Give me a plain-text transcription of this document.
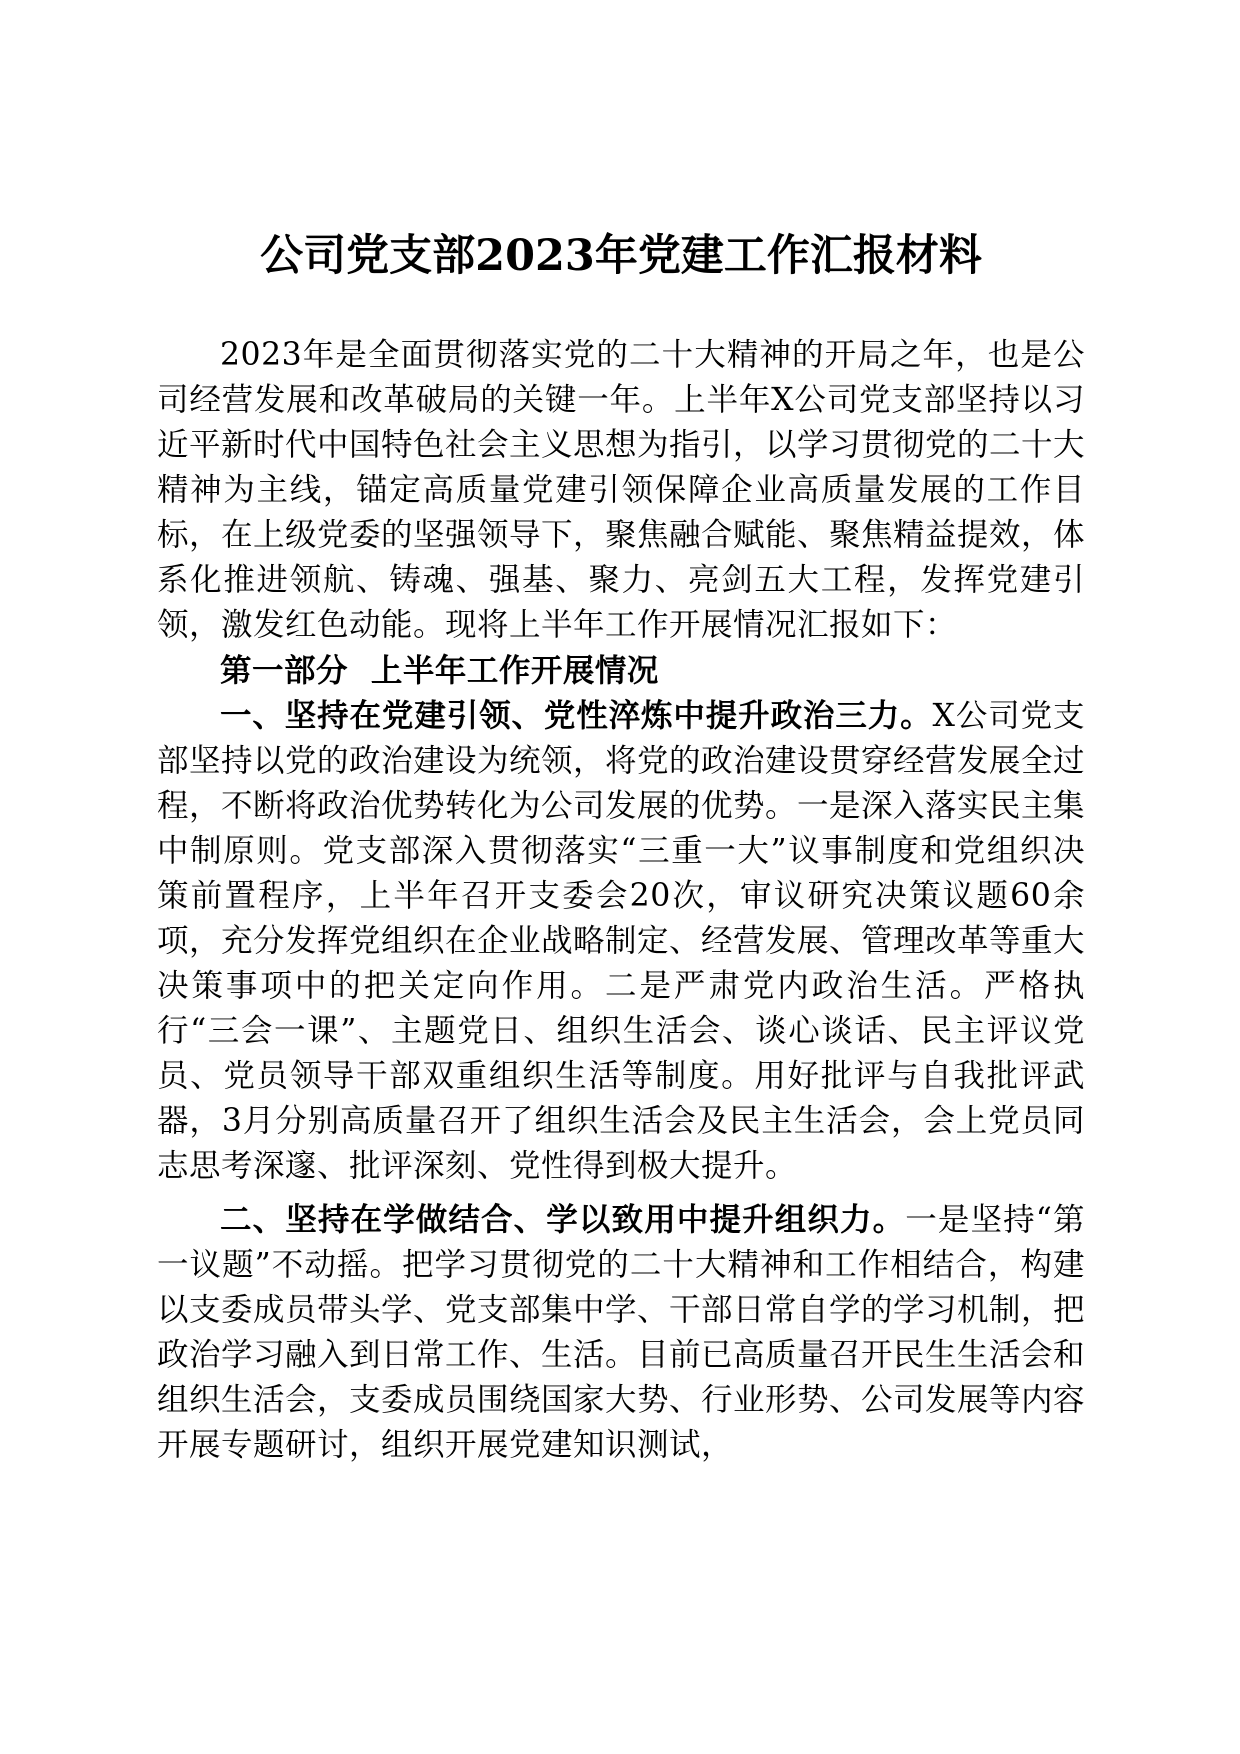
公司党支部2023年党建工作汇报材料

2023年是全面贯彻落实党的二十大精神的开局之年，也是公司经营发展和改革破局的关键一年。上半年X公司党支部坚持以习近平新时代中国特色社会主义思想为指引，以学习贯彻党的二十大精神为主线，锚定高质量党建引领保障企业高质量发展的工作目标，在上级党委的坚强领导下，聚焦融合赋能、聚焦精益提效，体系化推进领航、铸魂、强基、聚力、亮剑五大工程，发挥党建引领，激发红色动能。现将上半年工作开展情况汇报如下：

第一部分  上半年工作开展情况

一、坚持在党建引领、党性淬炼中提升政治三力。X公司党支部坚持以党的政治建设为统领，将党的政治建设贯穿经营发展全过程，不断将政治优势转化为公司发展的优势。一是深入落实民主集中制原则。党支部深入贯彻落实“三重一大”议事制度和党组织决策前置程序，上半年召开支委会20次，审议研究决策议题60余项，充分发挥党组织在企业战略制定、经营发展、管理改革等重大决策事项中的把关定向作用。二是严肃党内政治生活。严格执行“三会一课”、主题党日、组织生活会、谈心谈话、民主评议党员、党员领导干部双重组织生活等制度。用好批评与自我批评武器，3月分别高质量召开了组织生活会及民主生活会，会上党员同志思考深邃、批评深刻、党性得到极大提升。

二、坚持在学做结合、学以致用中提升组织力。一是坚持“第一议题”不动摇。把学习贯彻党的二十大精神和工作相结合，构建以支委成员带头学、党支部集中学、干部日常自学的学习机制，把政治学习融入到日常工作、生活。目前已高质量召开民生生活会和组织生活会，支委成员围绕国家大势、行业形势、公司发展等内容开展专题研讨，组织开展党建知识测试，
